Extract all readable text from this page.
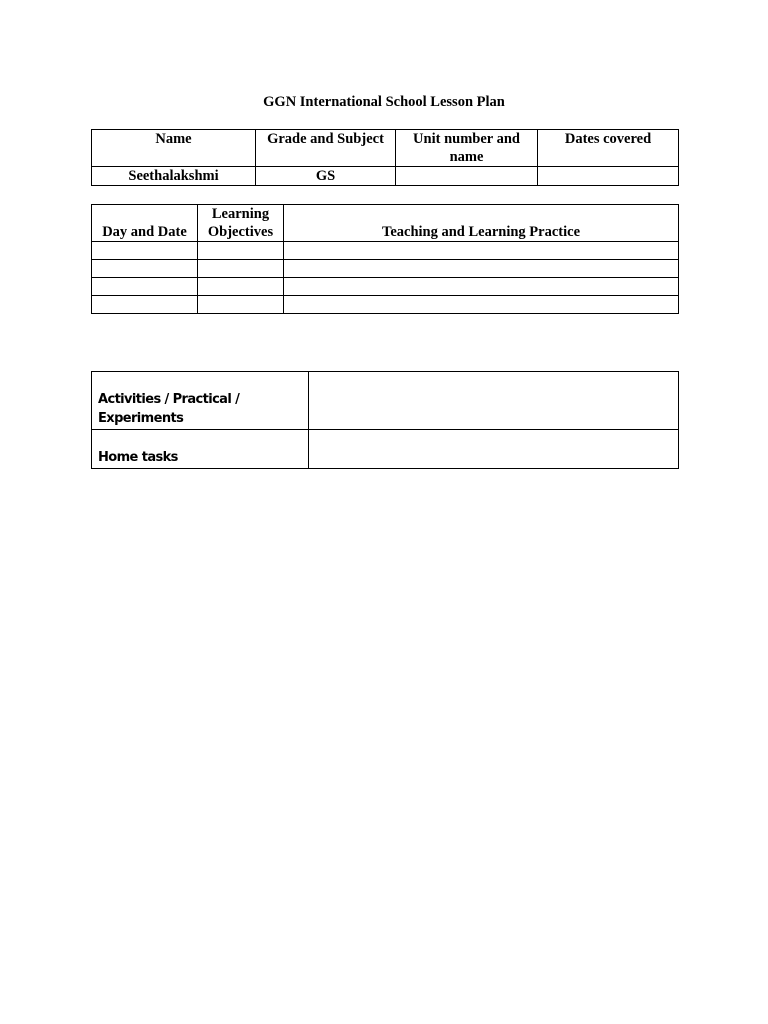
GGN International School Lesson Plan
Name	Grade and Subject	Unit number and name	Dates covered
Seethalakshmi	GS		
Day and Date	Learning Objectives	Teaching and Learning Practice

Activities / Practical / Experiments	
Home tasks	
